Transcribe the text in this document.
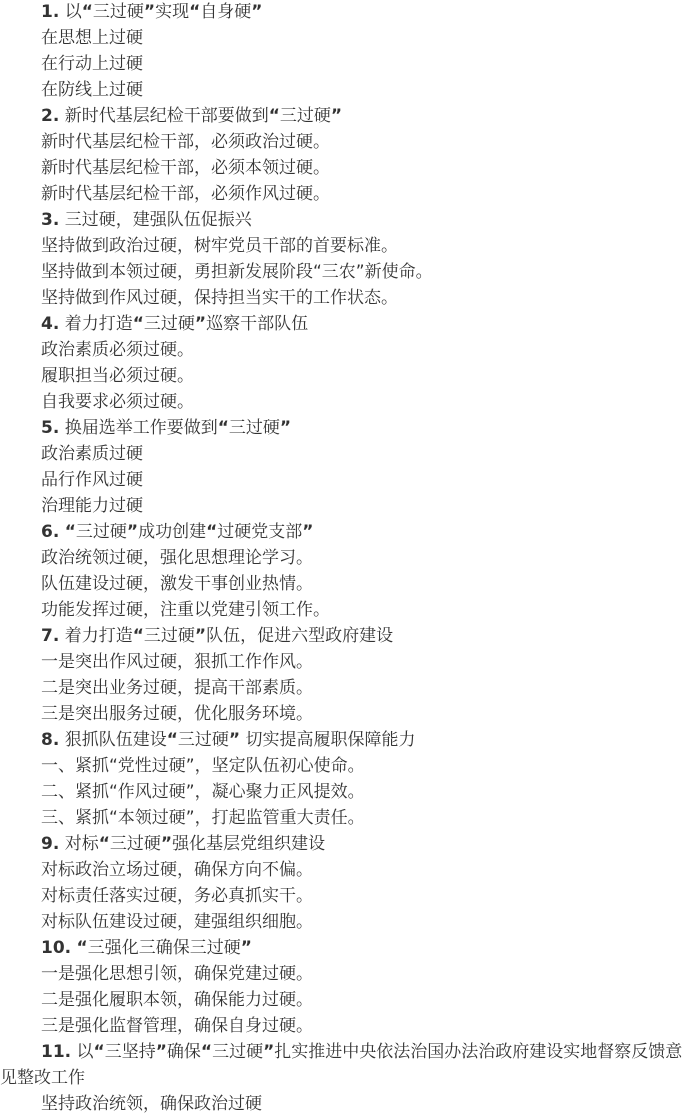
1. 以“三过硬”实现“自身硬”
在思想上过硬
在行动上过硬
在防线上过硬
2. 新时代基层纪检干部要做到“三过硬”
新时代基层纪检干部，必须政治过硬。
新时代基层纪检干部，必须本领过硬。
新时代基层纪检干部，必须作风过硬。
3. 三过硬，建强队伍促振兴
坚持做到政治过硬，树牢党员干部的首要标准。
坚持做到本领过硬，勇担新发展阶段“三农”新使命。
坚持做到作风过硬，保持担当实干的工作状态。
4. 着力打造“三过硬”巡察干部队伍
政治素质必须过硬。
履职担当必须过硬。
自我要求必须过硬。
5. 换届选举工作要做到“三过硬”
政治素质过硬
品行作风过硬
治理能力过硬
6. “三过硬”成功创建“过硬党支部”
政治统领过硬，强化思想理论学习。
队伍建设过硬，激发干事创业热情。
功能发挥过硬，注重以党建引领工作。
7. 着力打造“三过硬”队伍，促进六型政府建设
一是突出作风过硬，狠抓工作作风。
二是突出业务过硬，提高干部素质。
三是突出服务过硬，优化服务环境。
8. 狠抓队伍建设“三过硬” 切实提高履职保障能力
一、紧抓“党性过硬”，坚定队伍初心使命。
二、紧抓“作风过硬”，凝心聚力正风提效。
三、紧抓“本领过硬”，打起监管重大责任。
9. 对标“三过硬”强化基层党组织建设
对标政治立场过硬，确保方向不偏。
对标责任落实过硬，务必真抓实干。
对标队伍建设过硬，建强组织细胞。
10. “三强化三确保三过硬”
一是强化思想引领，确保党建过硬。
二是强化履职本领，确保能力过硬。
三是强化监督管理，确保自身过硬。
11. 以“三坚持”确保“三过硬”扎实推进中央依法治国办法治政府建设实地督察反馈意见整改工作
坚持政治统领，确保政治过硬
